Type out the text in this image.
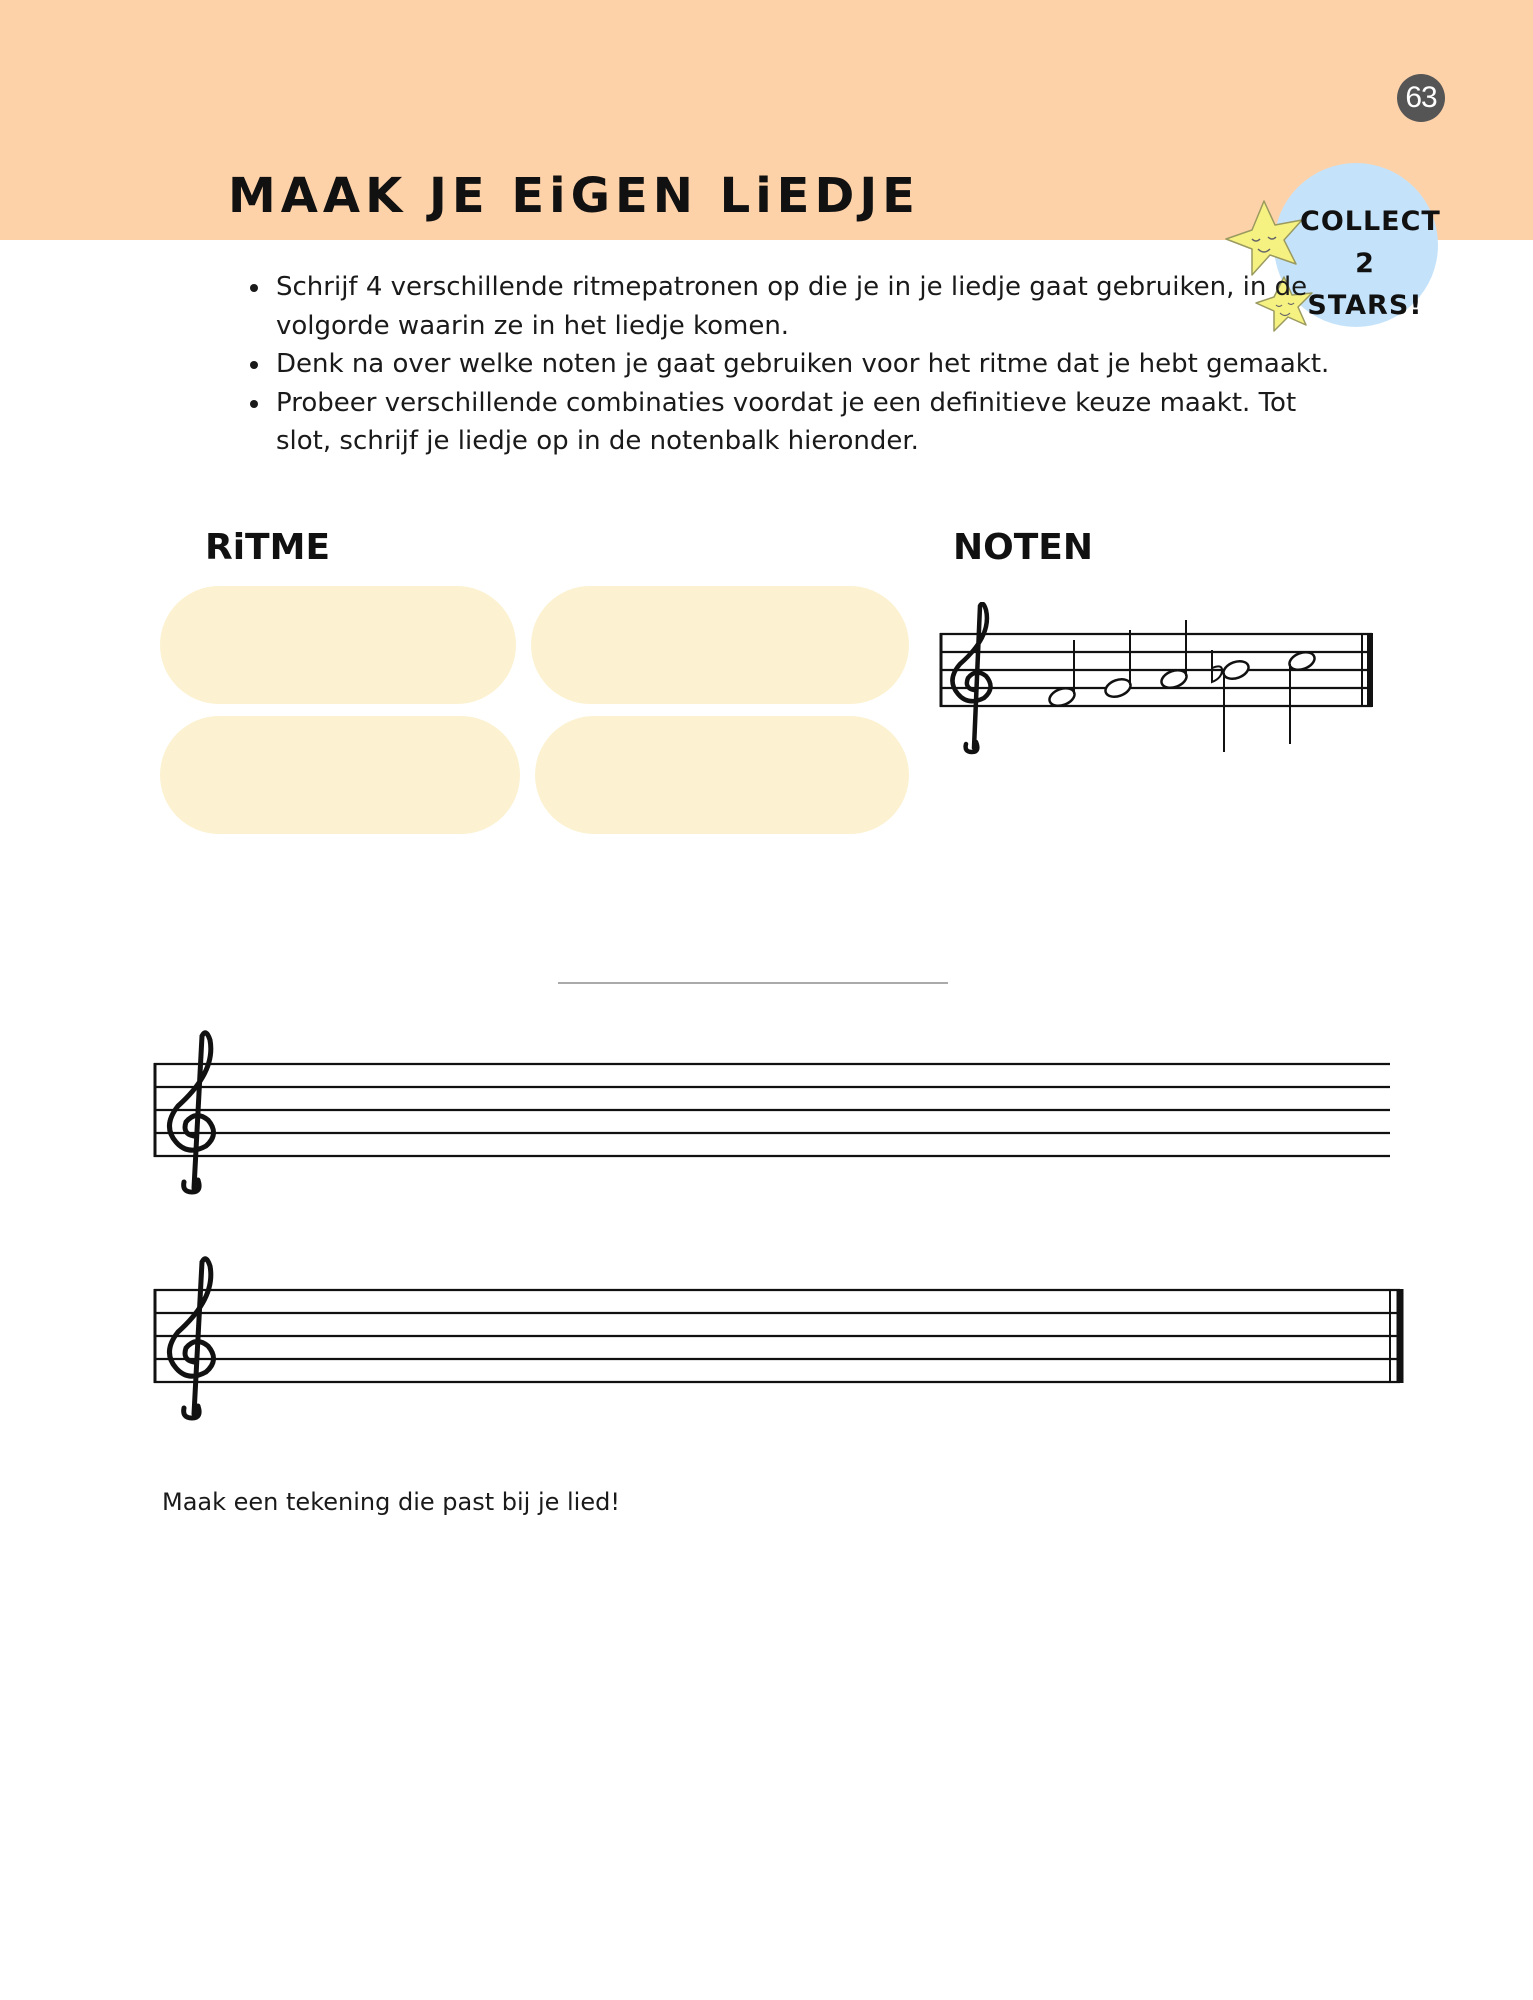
63
MAAK JE EiGEN LiEDJE	COLLECT
2 STARS!
• Schrijf 4 verschillende ritmepatronen op die je in je liedje gaat gebruiken, in de volgorde waarin ze in het liedje komen.
• Denk na over welke noten je gaat gebruiken voor het ritme dat je hebt gemaakt.
• Probeer verschillende combinaties voordat je een definitieve keuze maakt. Tot slot, schrijf je liedje op in de notenbalk hieronder.
RiTME	NOTEN

Maak een tekening die past bij je lied!
